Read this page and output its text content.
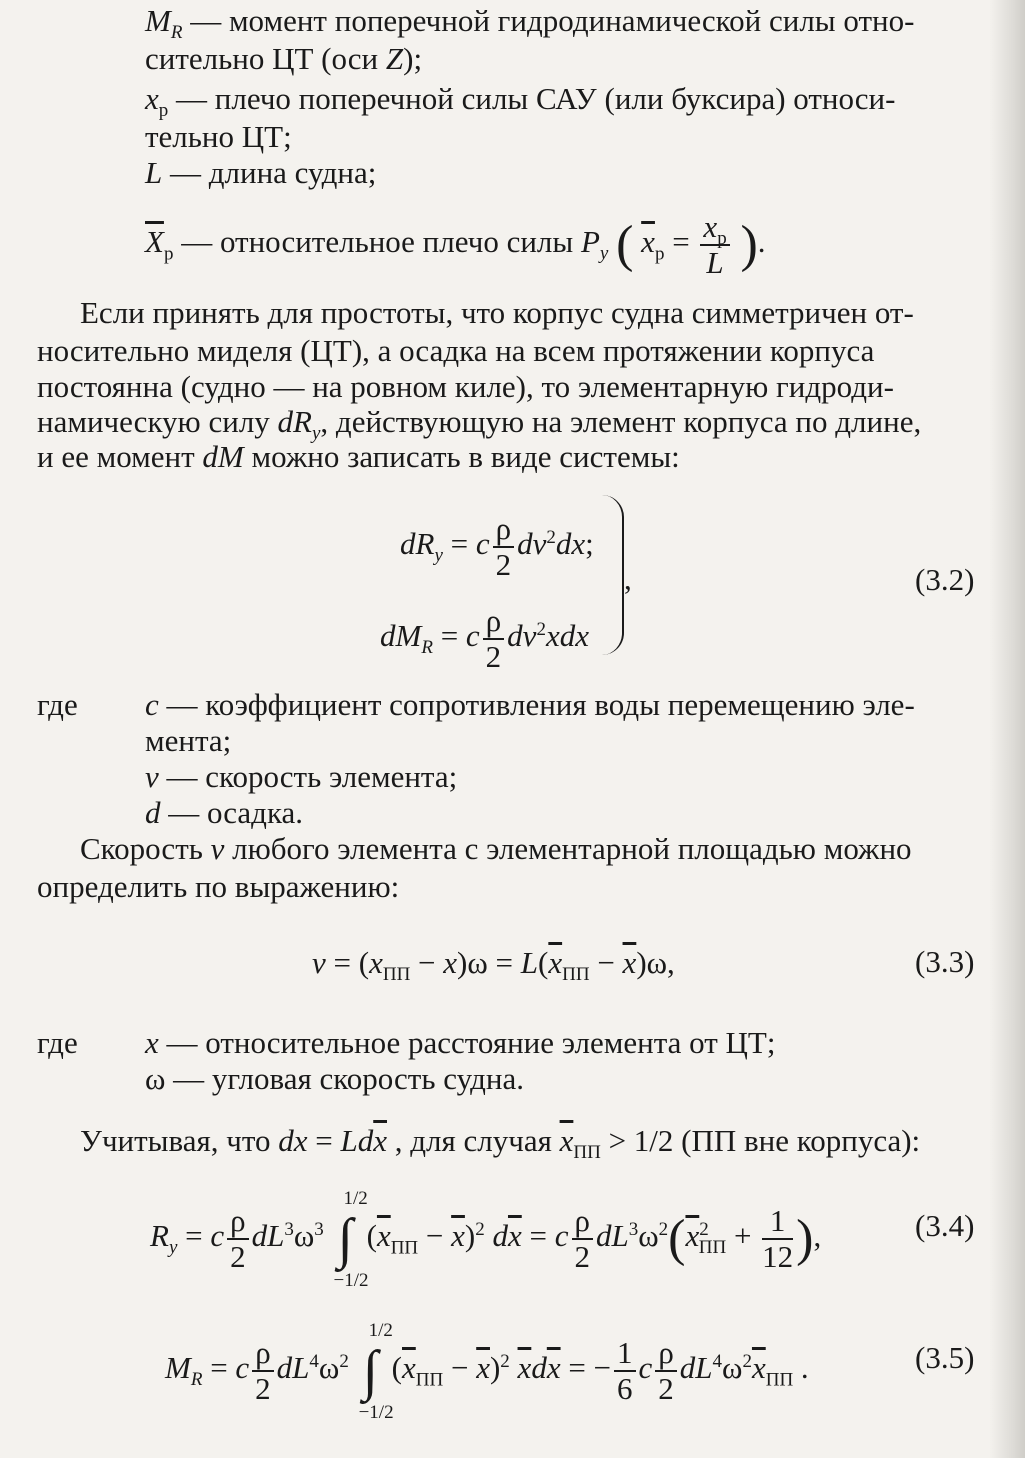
$M_R$ — момент поперечной гидродинамической силы отно-
сительно ЦТ (оси Z);
$x_р$ — плечо поперечной силы САУ (или буксира) относи-
тельно ЦТ;
L — длина судна;
$\overline{X}_р$ — относительное плечо силы $P_y$ ( $\overline{x}_р = \frac{x_р}{L}$ ).
Если принять для простоты, что корпус судна симметричен от-
носительно миделя (ЦТ), а осадка на всем протяжении корпуса
постоянна (судно — на ровном киле), то элементарную гидроди-
намическую силу $dR_y$, действующую на элемент корпуса по длине,
и ее момент dM можно записать в виде системы:
$dR_y = c \frac{\rho}{2} dv^2dx$;
$dM_R = c \frac{\rho}{2} dv^2xdx$
,	(3.2)
где c — коэффициент сопротивления воды перемещению эле-
мента;
v — скорость элемента;
d — осадка.
Скорость v любого элемента с элементарной площадью можно
определить по выражению:
$v = (x_{ПП} - x)\omega = L(\overline{x}_{ПП} - \overline{x})\omega$,	(3.3)
где x — относительное расстояние элемента от ЦТ;
ω — угловая скорость судна.
Учитывая, что dx = $Ld\overline{x}$ , для случая $\overline{x}_{ПП} > 1/2$ (ПП вне корпуса):
$R_y = c \frac{\rho}{2} dL^3\omega^3$ ∫
1/2
−1/2
$(\overline{x}_{ПП} - \overline{x})^2$ $d\overline{x} = c \frac{\rho}{2} dL^3\omega^2(\overline{x}^2_{ПП} + \frac{1}{12}$ ),	(3.4)
$M_R = c \frac{\rho}{2} dL^4\omega^2$ ∫
1/2
−1/2
$(\overline{x}_{ПП} - \overline{x})^2$ $\overline{x}d\overline{x}$ = − $\frac{1}{6}$ c $\frac{\rho}{2} dL^4\omega^2\overline{x}_{ПП}$ .	(3.5)
